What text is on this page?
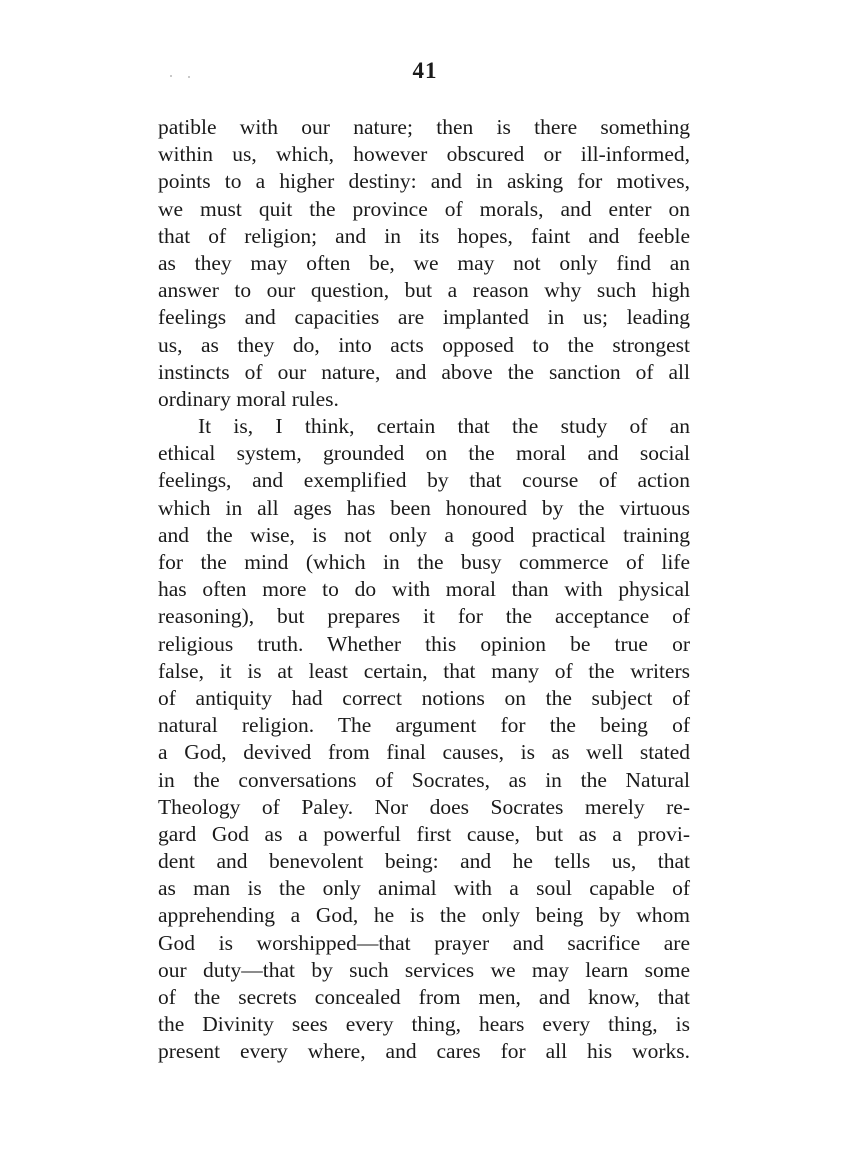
41
patible with our nature; then is there something
within us, which, however obscured or ill-informed,
points to a higher destiny: and in asking for motives,
we must quit the province of morals, and enter on
that of religion; and in its hopes, faint and feeble
as they may often be, we may not only find an
answer to our question, but a reason why such high
feelings and capacities are implanted in us; leading
us, as they do, into acts opposed to the strongest
instincts of our nature, and above the sanction of all
ordinary moral rules.
It is, I think, certain that the study of an
ethical system, grounded on the moral and social
feelings, and exemplified by that course of action
which in all ages has been honoured by the virtuous
and the wise, is not only a good practical training
for the mind (which in the busy commerce of life
has often more to do with moral than with physical
reasoning), but prepares it for the acceptance of
religious truth. Whether this opinion be true or
false, it is at least certain, that many of the writers
of antiquity had correct notions on the subject of
natural religion. The argument for the being of
a God, devived from final causes, is as well stated
in the conversations of Socrates, as in the Natural
Theology of Paley. Nor does Socrates merely re-
gard God as a powerful first cause, but as a provi-
dent and benevolent being: and he tells us, that
as man is the only animal with a soul capable of
apprehending a God, he is the only being by whom
God is worshipped—that prayer and sacrifice are
our duty—that by such services we may learn some
of the secrets concealed from men, and know, that
the Divinity sees every thing, hears every thing, is
present every where, and cares for all his works.
